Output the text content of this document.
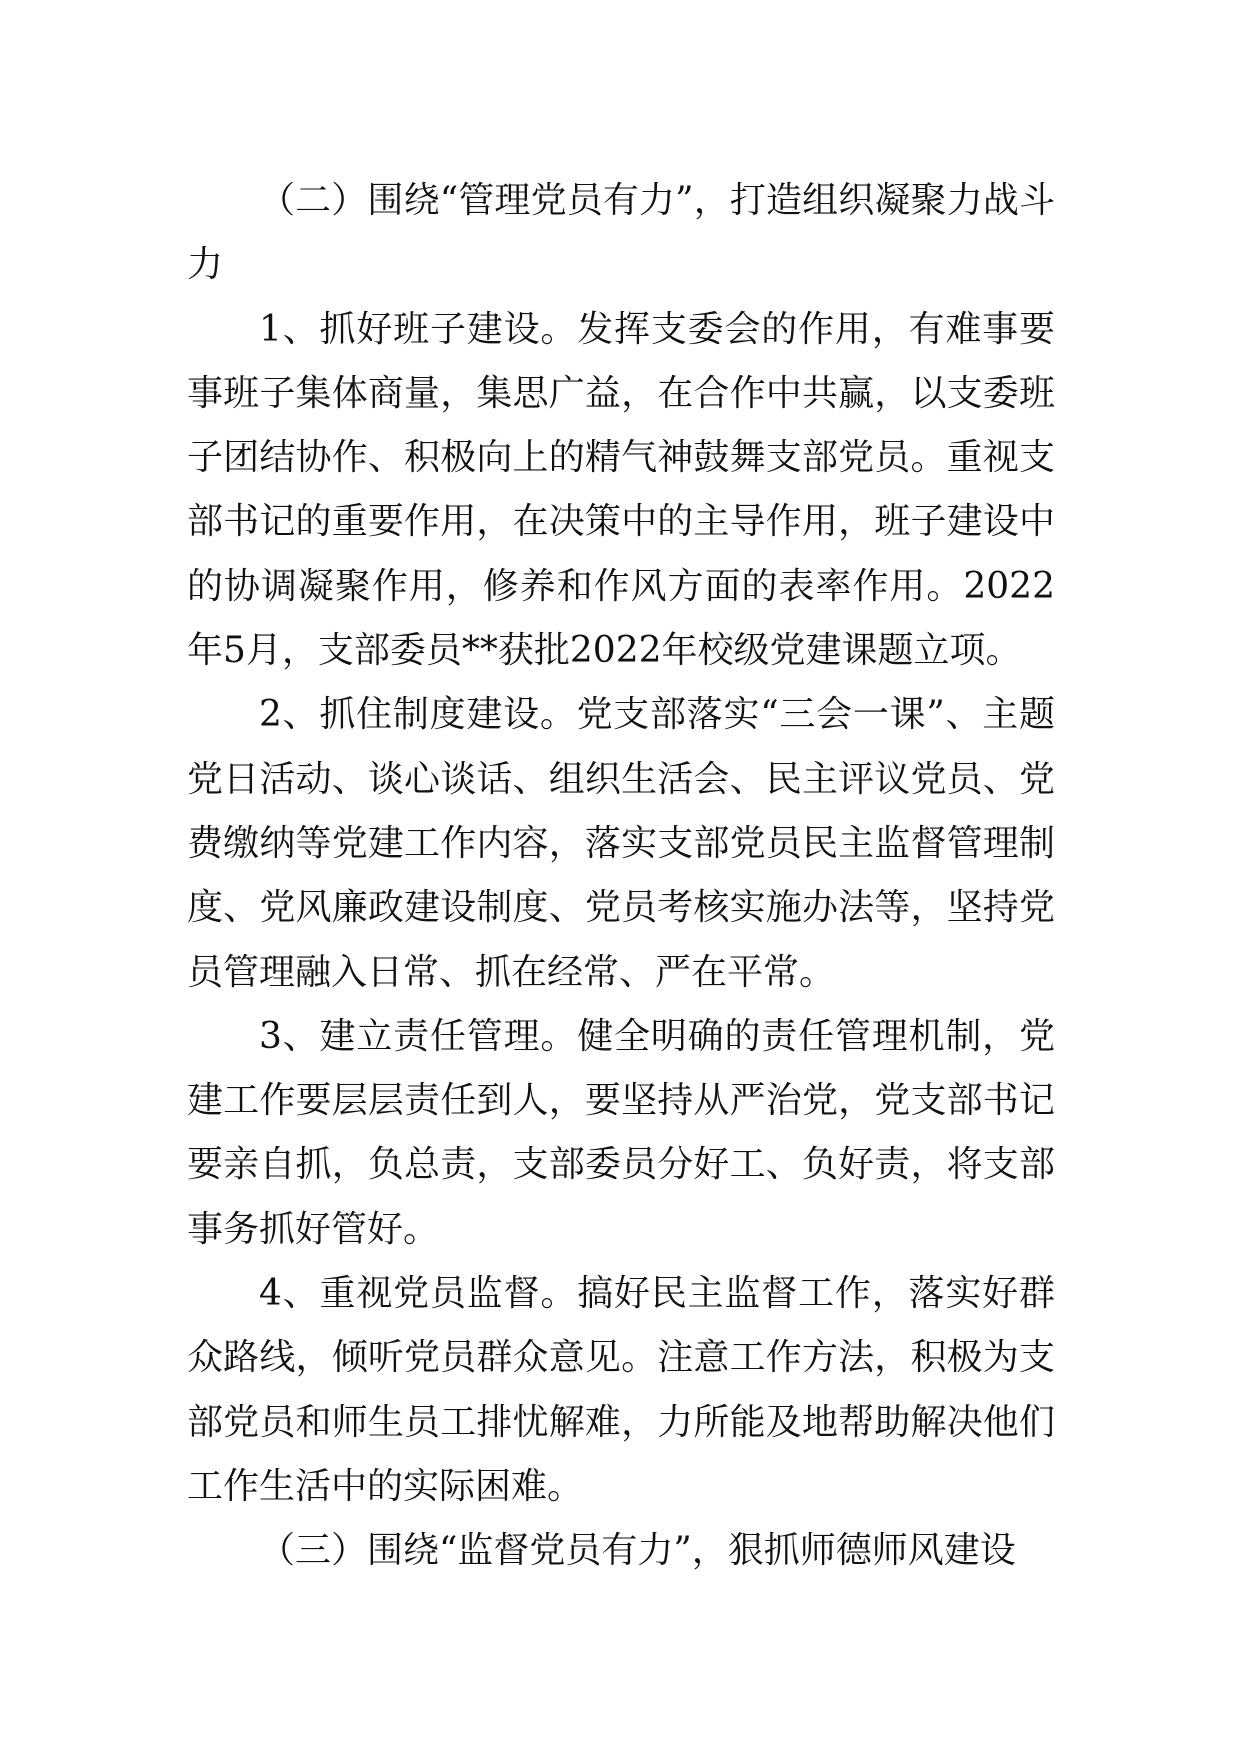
（二）围绕“管理党员有力”，打造组织凝聚力战斗力

1、抓好班子建设。发挥支委会的作用，有难事要事班子集体商量，集思广益，在合作中共赢，以支委班子团结协作、积极向上的精气神鼓舞支部党员。重视支部书记的重要作用，在决策中的主导作用，班子建设中的协调凝聚作用，修养和作风方面的表率作用。2022年5月，支部委员**获批2022年校级党建课题立项。

2、抓住制度建设。党支部落实“三会一课”、主题党日活动、谈心谈话、组织生活会、民主评议党员、党费缴纳等党建工作内容，落实支部党员民主监督管理制度、党风廉政建设制度、党员考核实施办法等，坚持党员管理融入日常、抓在经常、严在平常。

3、建立责任管理。健全明确的责任管理机制，党建工作要层层责任到人，要坚持从严治党，党支部书记要亲自抓，负总责，支部委员分好工、负好责，将支部事务抓好管好。

4、重视党员监督。搞好民主监督工作，落实好群众路线，倾听党员群众意见。注意工作方法，积极为支部党员和师生员工排忧解难，力所能及地帮助解决他们工作生活中的实际困难。

（三）围绕“监督党员有力”，狠抓师德师风建设
